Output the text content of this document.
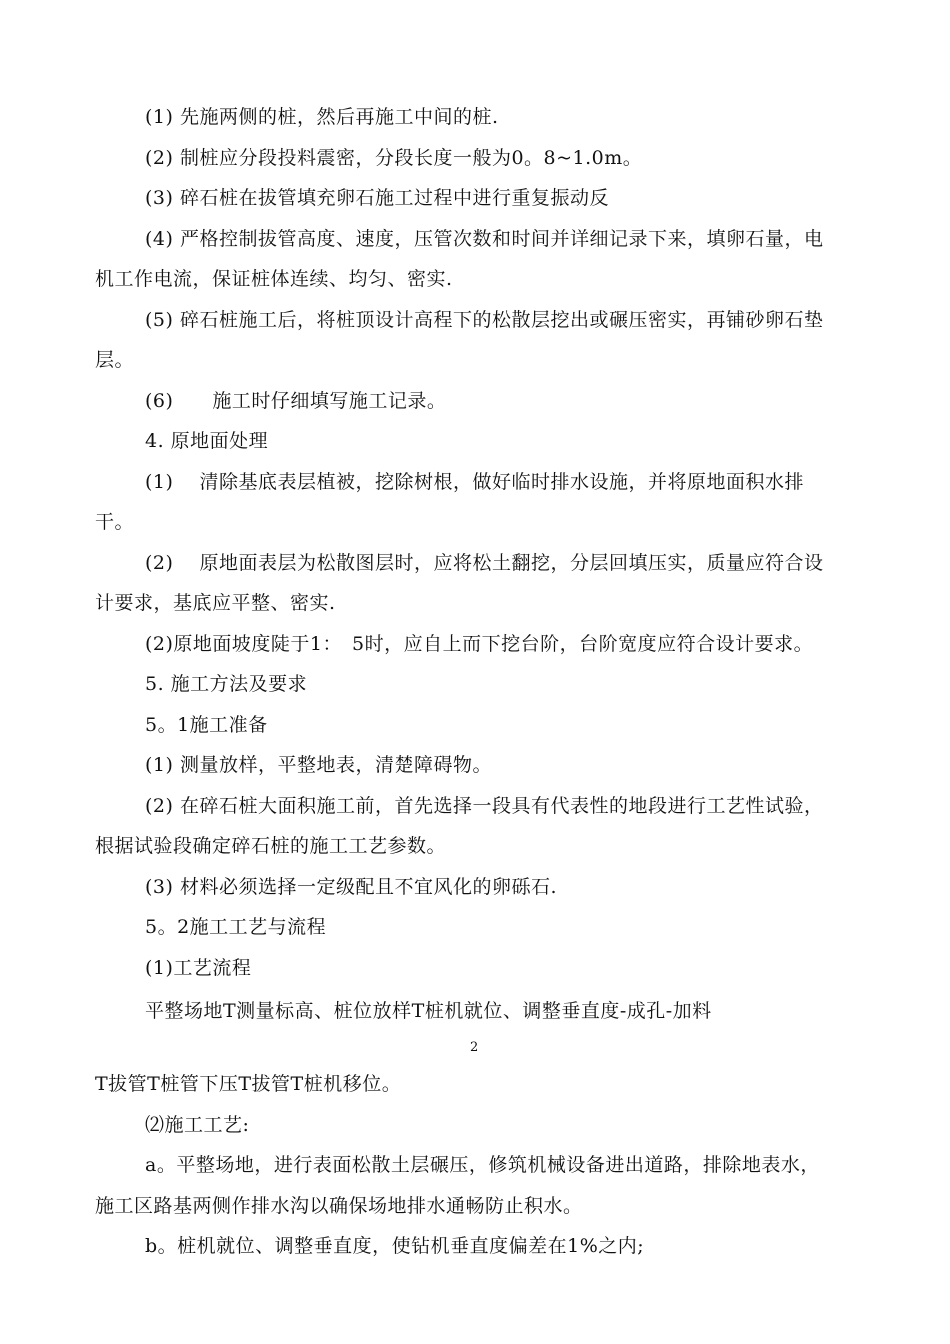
(1) 先施两侧的桩，然后再施工中间的桩.
(2) 制桩应分段投料震密，分段长度一般为0。8~1.0m。
(3) 碎石桩在拔管填充卵石施工过程中进行重复振动反
(4) 严格控制拔管高度、速度，压管次数和时间并详细记录下来，填卵石量，电
机工作电流，保证桩体连续、均匀、密实.
(5) 碎石桩施工后，将桩顶设计高程下的松散层挖出或碾压密实，再铺砂卵石垫
层。
(6)　　施工时仔细填写施工记录。
4. 原地面处理
(1)　 清除基底表层植被，挖除树根，做好临时排水设施，并将原地面积水排
干。
(2)　 原地面表层为松散图层时，应将松土翻挖，分层回填压实，质量应符合设
计要求，基底应平整、密实.
(2)原地面坡度陡于1：　5时，应自上而下挖台阶，台阶宽度应符合设计要求。
5. 施工方法及要求
5。1施工准备
(1) 测量放样，平整地表，清楚障碍物。
(2) 在碎石桩大面积施工前，首先选择一段具有代表性的地段进行工艺性试验，
根据试验段确定碎石桩的施工工艺参数。
(3) 材料必须选择一定级配且不宜风化的卵砾石.
5。2施工工艺与流程
(1)工艺流程
平整场地T测量标高、桩位放样T桩机就位、调整垂直度-成孔-加料
2
T拔管T桩管下压T拔管T桩机移位。
⑵施工工艺:
a。平整场地，进行表面松散土层碾压，修筑机械设备进出道路，排除地表水，
施工区路基两侧作排水沟以确保场地排水通畅防止积水。
b。桩机就位、调整垂直度，使钻机垂直度偏差在1%之内;
